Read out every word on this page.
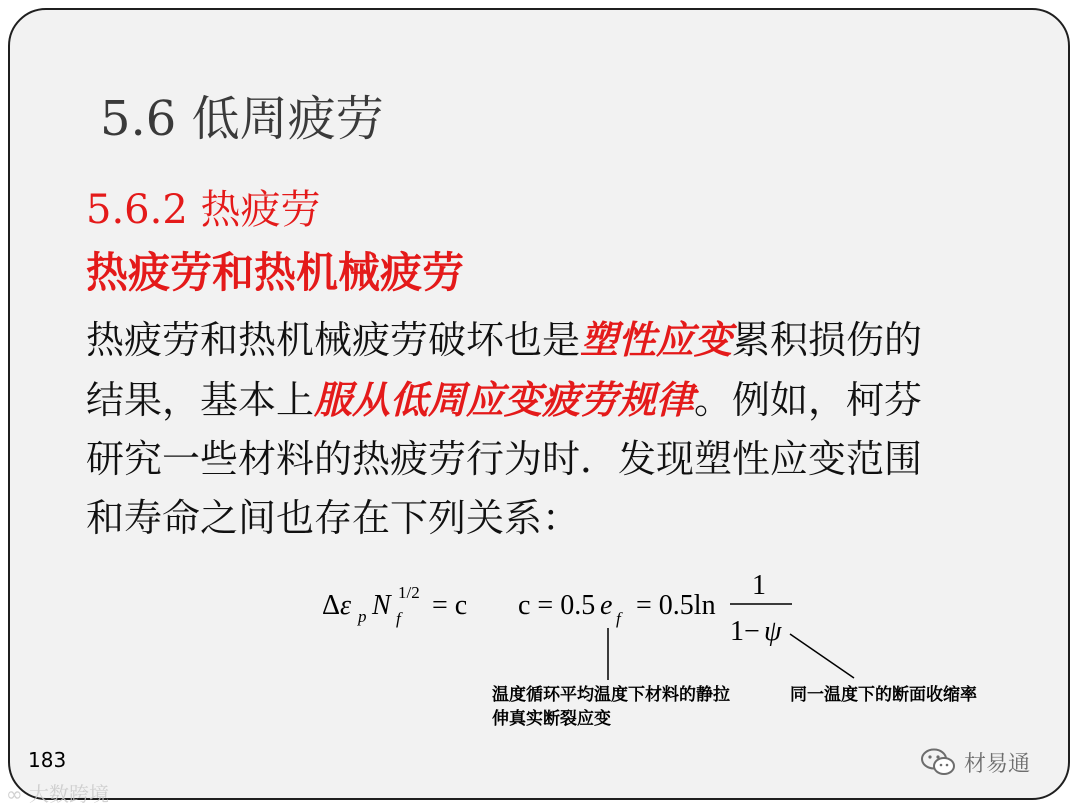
5.6 低周疲劳
5.6.2 热疲劳
热疲劳和热机械疲劳
热疲劳和热机械疲劳破坏也是塑性应变累积损伤的
结果，基本上服从低周应变疲劳规律。例如，柯芬
研究一些材料的热疲劳行为时．发现塑性应变范围
和寿命之间也存在下列关系：
Δ ε p N f
1/2 = c c = 0.5 e f = 0.5ln
1
1− ψ
温度循环平均温度下材料的静拉伸真实断裂应变
同一温度下的断面收缩率
183
∞ 大数跨境
材易通
